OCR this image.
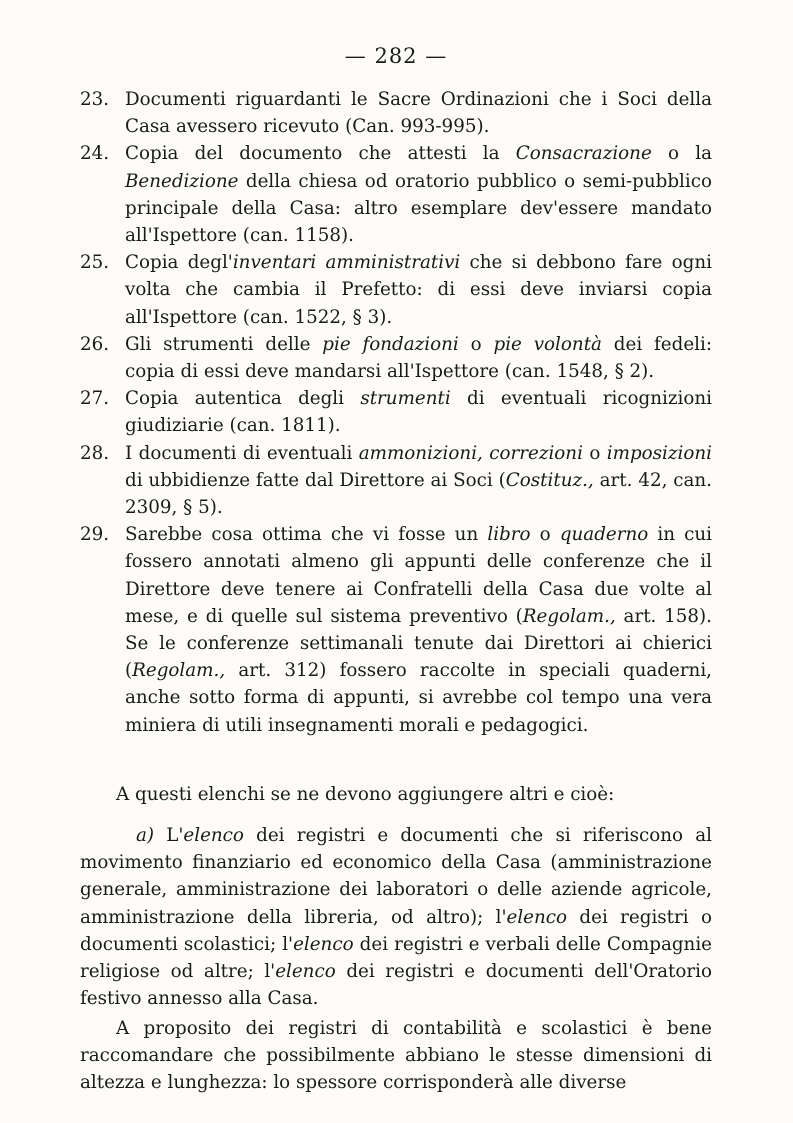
— 282 —
23. Documenti riguardanti le Sacre Ordinazioni che i Soci della Casa avessero ricevuto (Can. 993-995).
24. Copia del documento che attesti la Consacrazione o la Benedizione della chiesa od oratorio pubblico o semi-pubblico principale della Casa: altro esemplare dev'essere mandato all'Ispettore (can. 1158).
25. Copia degl'inventari amministrativi che si debbono fare ogni volta che cambia il Prefetto: di essi deve inviarsi copia all'Ispettore (can. 1522, § 3).
26. Gli strumenti delle pie fondazioni o pie volontà dei fedeli: copia di essi deve mandarsi all'Ispettore (can. 1548, § 2).
27. Copia autentica degli strumenti di eventuali ricognizioni giudiziarie (can. 1811).
28. I documenti di eventuali ammonizioni, correzioni o imposizioni di ubbidienze fatte dal Direttore ai Soci (Costituz., art. 42, can. 2309, § 5).
29. Sarebbe cosa ottima che vi fosse un libro o quaderno in cui fossero annotati almeno gli appunti delle conferenze che il Direttore deve tenere ai Confratelli della Casa due volte al mese, e di quelle sul sistema preventivo (Regolam., art. 158). Se le conferenze settimanali tenute dai Direttori ai chierici (Regolam., art. 312) fossero raccolte in speciali quaderni, anche sotto forma di appunti, si avrebbe col tempo una vera miniera di utili insegnamenti morali e pedagogici.

A questi elenchi se ne devono aggiungere altri e cioè:

a) L'elenco dei registri e documenti che si riferiscono al movimento finanziario ed economico della Casa (amministrazione generale, amministrazione dei laboratori o delle aziende agricole, amministrazione della libreria, od altro); l'elenco dei registri o documenti scolastici; l'elenco dei registri e verbali delle Compagnie religiose od altre; l'elenco dei registri e documenti dell'Oratorio festivo annesso alla Casa.

A proposito dei registri di contabilità e scolastici è bene raccomandare che possibilmente abbiano le stesse dimensioni di altezza e lunghezza: lo spessore corrisponderà alle diverse
